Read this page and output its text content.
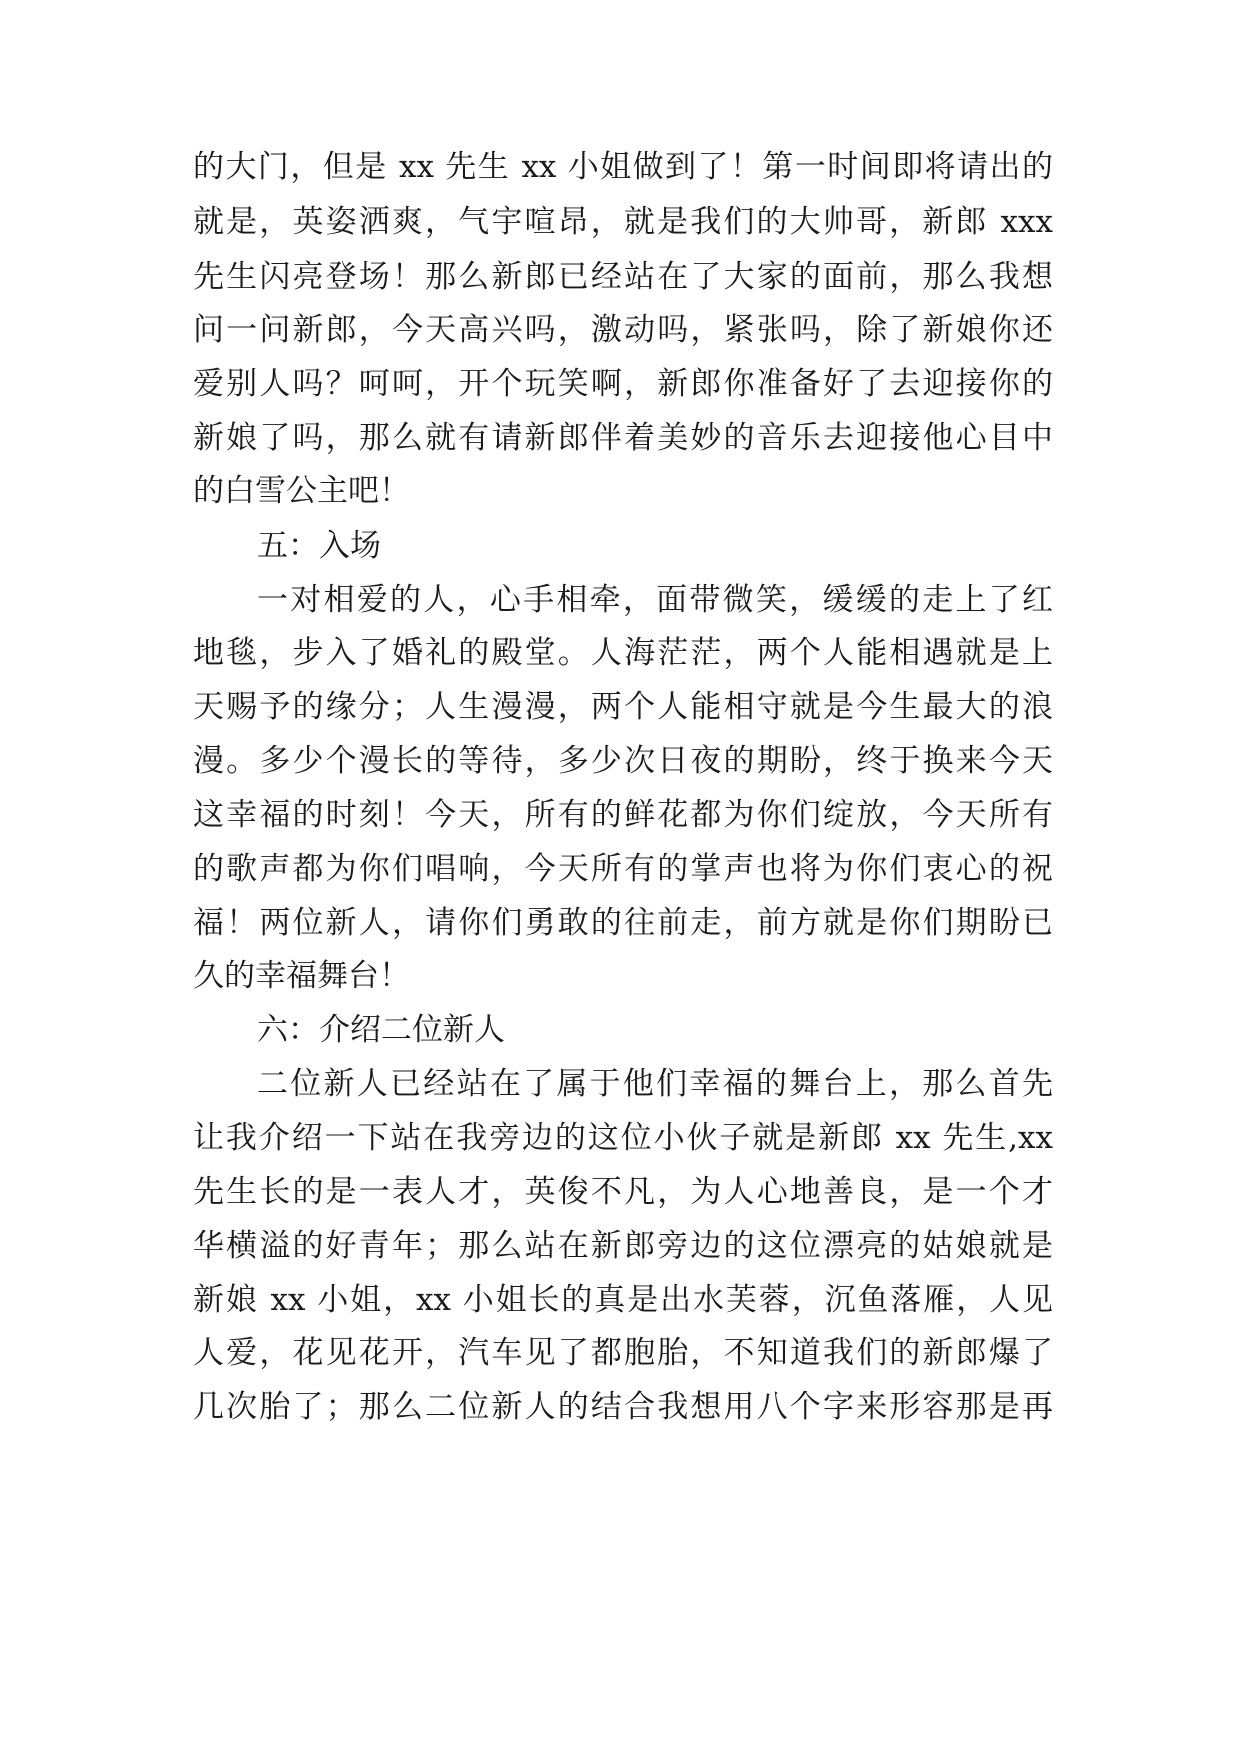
的大门，但是 xx 先生 xx 小姐做到了！第一时间即将请出的
就是，英姿洒爽，气宇喧昂，就是我们的大帅哥，新郎 xxx
先生闪亮登场！那么新郎已经站在了大家的面前，那么我想
问一问新郎，今天高兴吗，激动吗，紧张吗，除了新娘你还
爱别人吗？呵呵，开个玩笑啊，新郎你准备好了去迎接你的
新娘了吗，那么就有请新郎伴着美妙的音乐去迎接他心目中
的白雪公主吧！
五：入场
一对相爱的人，心手相牵，面带微笑，缓缓的走上了红
地毯，步入了婚礼的殿堂。人海茫茫，两个人能相遇就是上
天赐予的缘分；人生漫漫，两个人能相守就是今生最大的浪
漫。多少个漫长的等待，多少次日夜的期盼，终于换来今天
这幸福的时刻！今天，所有的鲜花都为你们绽放，今天所有
的歌声都为你们唱响，今天所有的掌声也将为你们衷心的祝
福！两位新人，请你们勇敢的往前走，前方就是你们期盼已
久的幸福舞台！
六：介绍二位新人
二位新人已经站在了属于他们幸福的舞台上，那么首先
让我介绍一下站在我旁边的这位小伙子就是新郎 xx 先生,xx
先生长的是一表人才，英俊不凡，为人心地善良，是一个才
华横溢的好青年；那么站在新郎旁边的这位漂亮的姑娘就是
新娘 xx 小姐，xx 小姐长的真是出水芙蓉，沉鱼落雁，人见
人爱，花见花开，汽车见了都胞胎，不知道我们的新郎爆了
几次胎了；那么二位新人的结合我想用八个字来形容那是再
